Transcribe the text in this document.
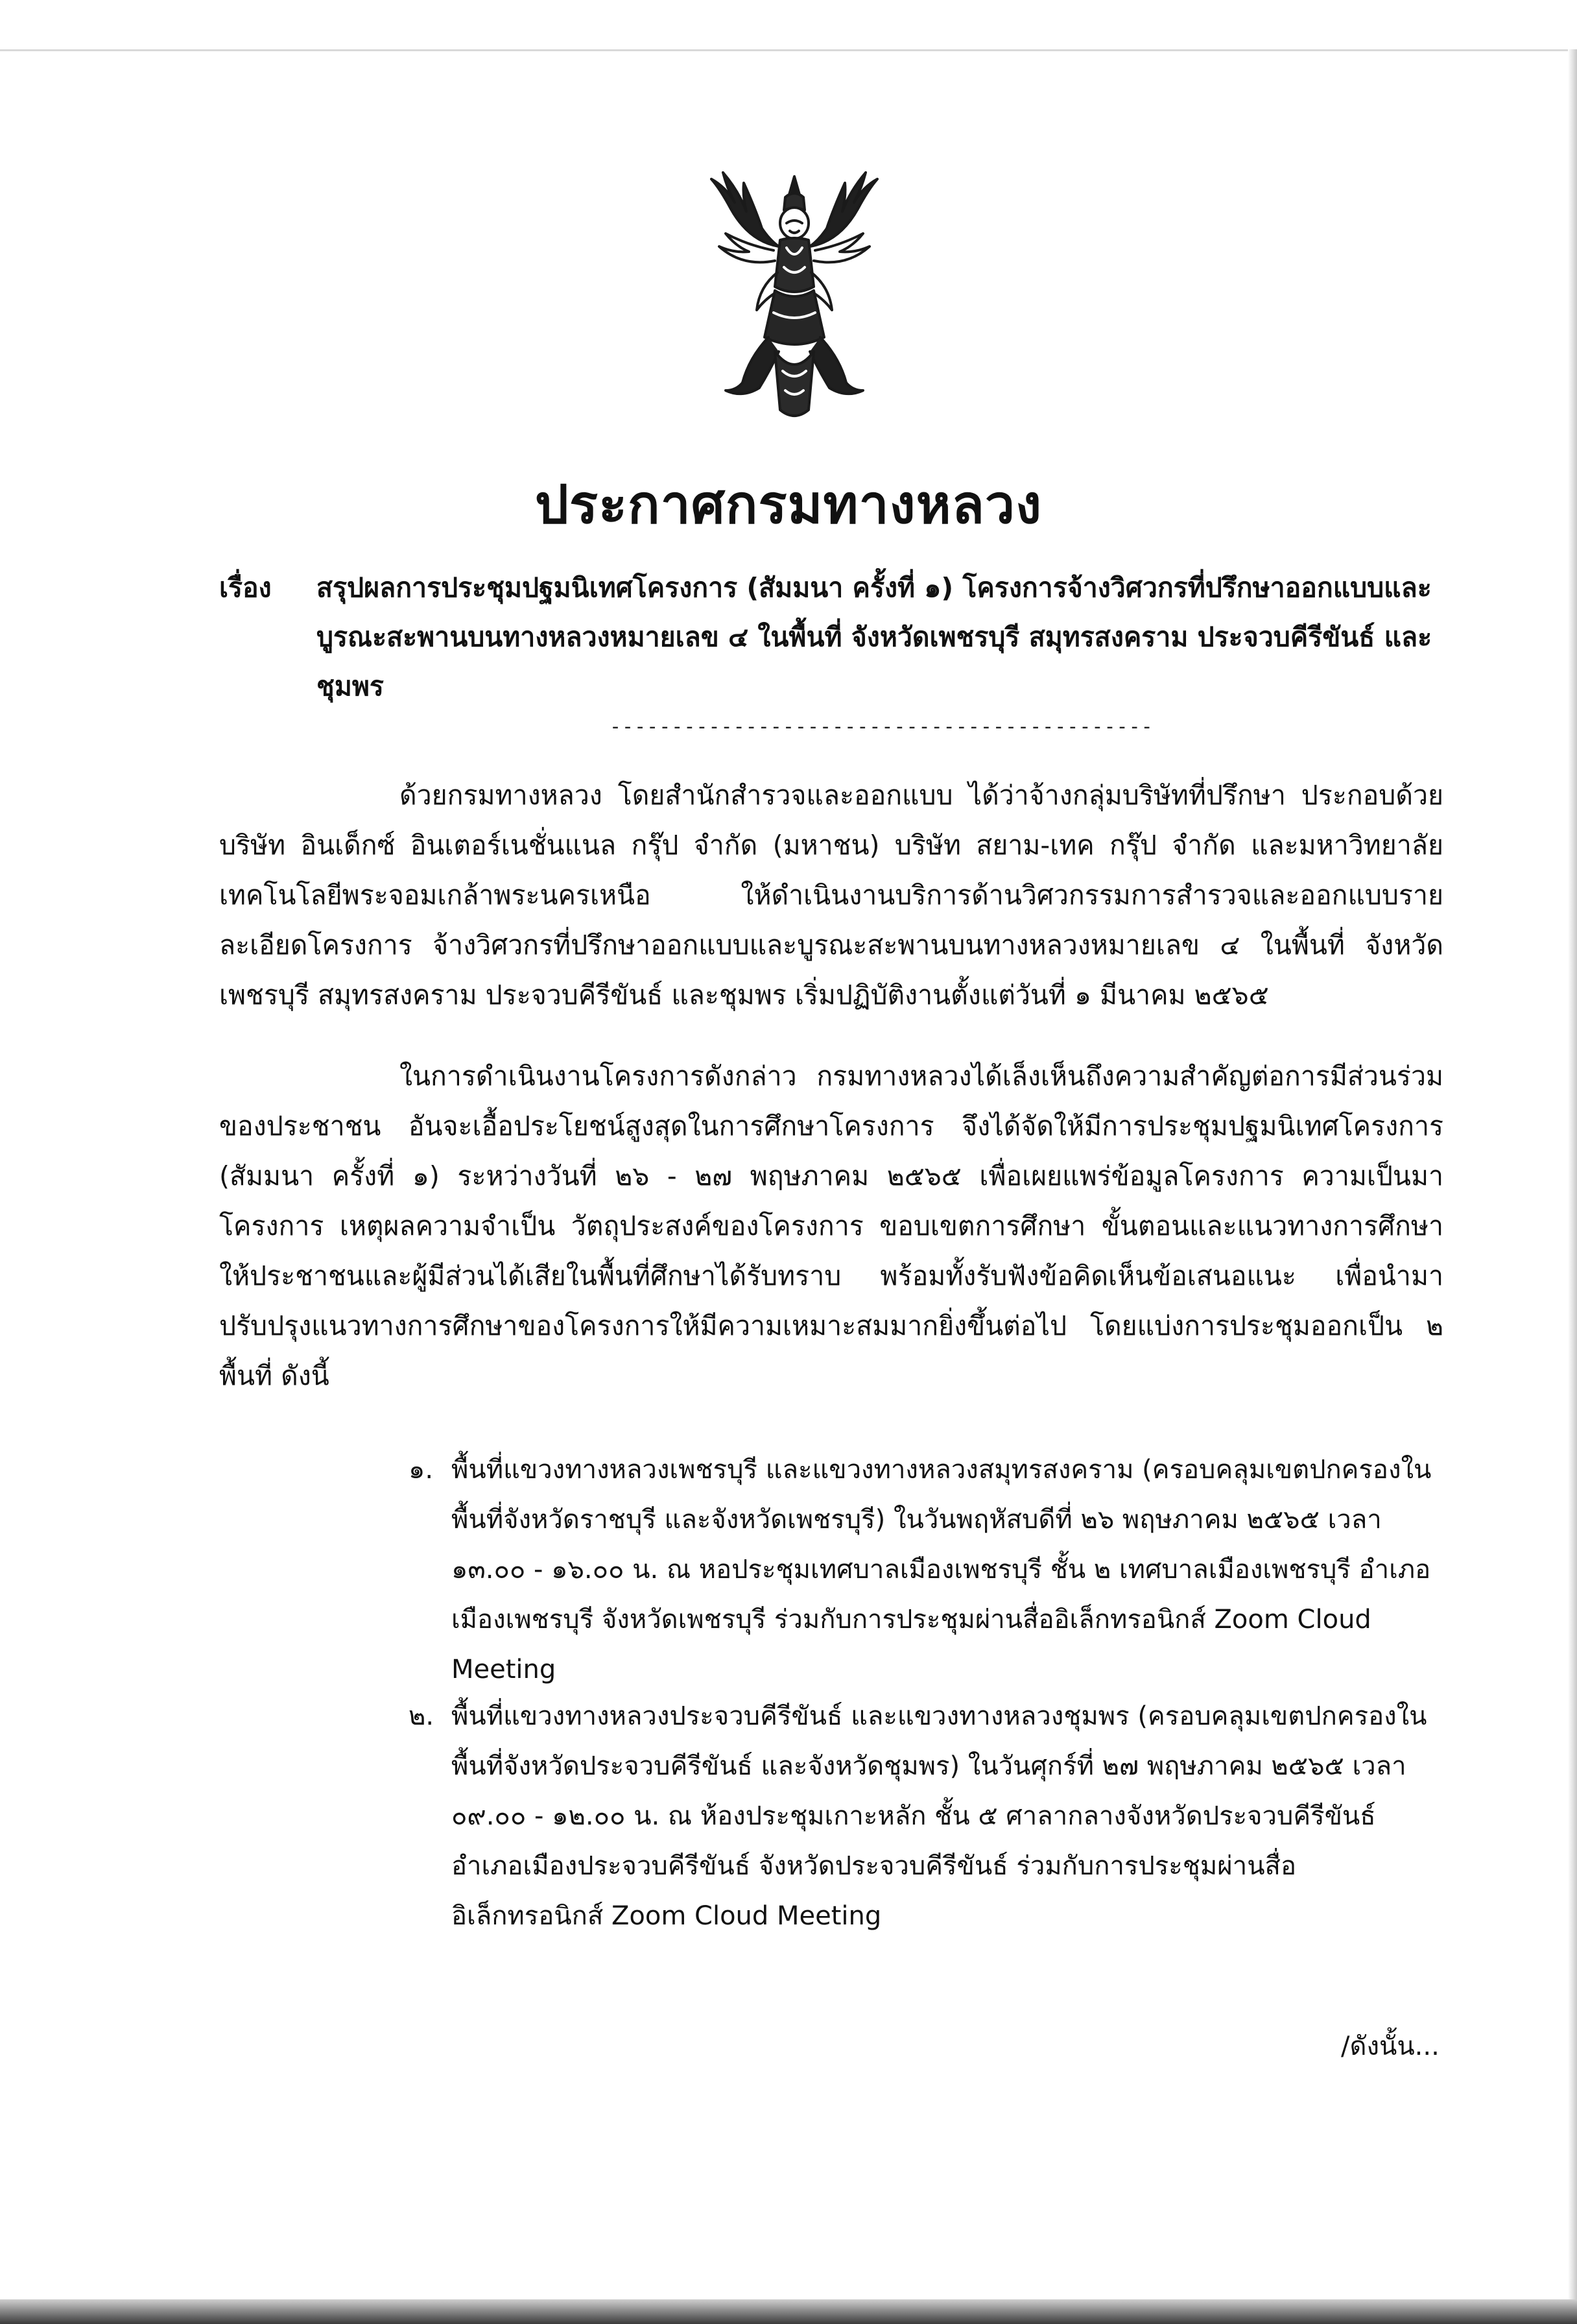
ประกาศกรมทางหลวง
เรื่อง สรุปผลการประชุมปฐมนิเทศโครงการ (สัมมนา ครั้งที่ ๑) โครงการจ้างวิศวกรที่ปรึกษาออกแบบและบูรณะสะพานบนทางหลวงหมายเลข ๔ ในพื้นที่ จังหวัดเพชรบุรี สมุทรสงคราม ประจวบคีรีขันธ์ และชุมพร
--------------------------------------------
ด้วยกรมทางหลวง โดยสำนักสำรวจและออกแบบ ได้ว่าจ้างกลุ่มบริษัทที่ปรึกษา ประกอบด้วย บริษัท อินเด็กซ์ อินเตอร์เนชั่นแนล กรุ๊ป จำกัด (มหาชน) บริษัท สยาม-เทค กรุ๊ป จำกัด และมหาวิทยาลัยเทคโนโลยีพระจอมเกล้าพระนครเหนือ ให้ดำเนินงานบริการด้านวิศวกรรมการสำรวจและออกแบบรายละเอียดโครงการ จ้างวิศวกรที่ปรึกษาออกแบบและบูรณะสะพานบนทางหลวงหมายเลข ๔ ในพื้นที่ จังหวัดเพชรบุรี สมุทรสงคราม ประจวบคีรีขันธ์ และชุมพร เริ่มปฏิบัติงานตั้งแต่วันที่ ๑ มีนาคม ๒๕๖๕
ในการดำเนินงานโครงการดังกล่าว กรมทางหลวงได้เล็งเห็นถึงความสำคัญต่อการมีส่วนร่วมของประชาชน อันจะเอื้อประโยชน์สูงสุดในการศึกษาโครงการ จึงได้จัดให้มีการประชุมปฐมนิเทศโครงการ (สัมมนา ครั้งที่ ๑) ระหว่างวันที่ ๒๖ - ๒๗ พฤษภาคม ๒๕๖๕ เพื่อเผยแพร่ข้อมูลโครงการ ความเป็นมาโครงการ เหตุผลความจำเป็น วัตถุประสงค์ของโครงการ ขอบเขตการศึกษา ขั้นตอนและแนวทางการศึกษา ให้ประชาชนและผู้มีส่วนได้เสียในพื้นที่ศึกษาได้รับทราบ พร้อมทั้งรับฟังข้อคิดเห็นข้อเสนอแนะ เพื่อนำมาปรับปรุงแนวทางการศึกษาของโครงการให้มีความเหมาะสมมากยิ่งขึ้นต่อไป โดยแบ่งการประชุมออกเป็น ๒ พื้นที่ ดังนี้
๑. พื้นที่แขวงทางหลวงเพชรบุรี และแขวงทางหลวงสมุทรสงคราม (ครอบคลุมเขตปกครองในพื้นที่จังหวัดราชบุรี และจังหวัดเพชรบุรี) ในวันพฤหัสบดีที่ ๒๖ พฤษภาคม ๒๕๖๕ เวลา ๑๓.๐๐ - ๑๖.๐๐ น. ณ หอประชุมเทศบาลเมืองเพชรบุรี ชั้น ๒ เทศบาลเมืองเพชรบุรี อำเภอเมืองเพชรบุรี จังหวัดเพชรบุรี ร่วมกับการประชุมผ่านสื่ออิเล็กทรอนิกส์ Zoom Cloud Meeting
๒. พื้นที่แขวงทางหลวงประจวบคีรีขันธ์ และแขวงทางหลวงชุมพร (ครอบคลุมเขตปกครองในพื้นที่จังหวัดประจวบคีรีขันธ์ และจังหวัดชุมพร) ในวันศุกร์ที่ ๒๗ พฤษภาคม ๒๕๖๕ เวลา ๐๙.๐๐ - ๑๒.๐๐ น. ณ ห้องประชุมเกาะหลัก ชั้น ๕ ศาลากลางจังหวัดประจวบคีรีขันธ์ อำเภอเมืองประจวบคีรีขันธ์ จังหวัดประจวบคีรีขันธ์ ร่วมกับการประชุมผ่านสื่ออิเล็กทรอนิกส์ Zoom Cloud Meeting
/ดังนั้น...
